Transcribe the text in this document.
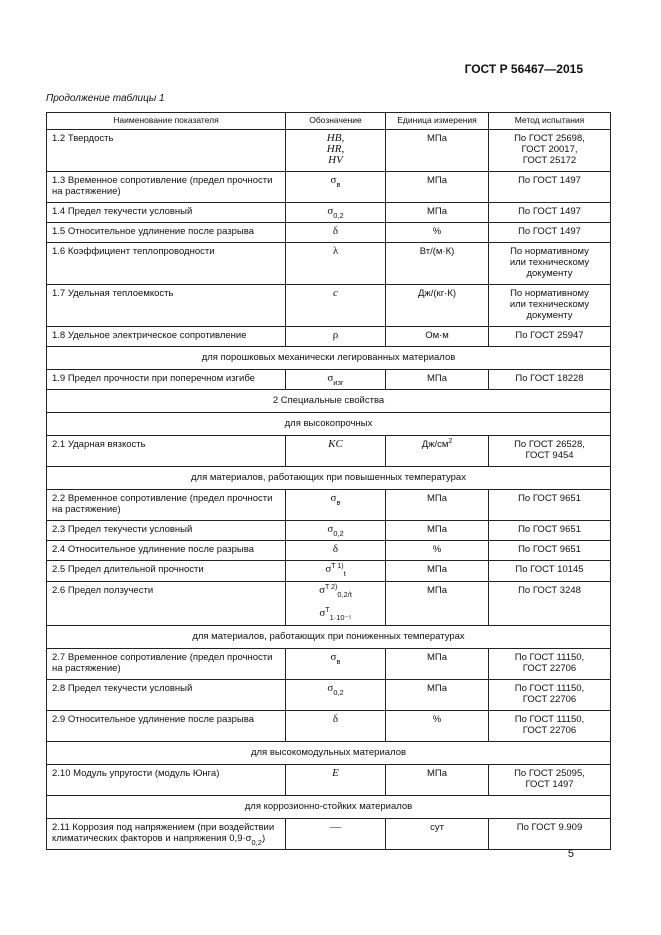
ГОСТ Р 56467—2015
Продолжение таблицы 1
Наименование показателя	Обозначение	Единица измерения	Метод испытания
1.2 Твердость	HB,
HR,
HV	МПа	По ГОСТ 25698,
ГОСТ 20017,
ГОСТ 25172
1.3 Временное сопротивление (предел прочности на растяжение)	$\sigma_в$	МПа	По ГОСТ 1497
1.4 Предел текучести условный	$\sigma_{0,2}$	МПа	По ГОСТ 1497
1.5 Относительное удлинение после разрыва	δ	%	По ГОСТ 1497
1.6 Коэффициент теплопроводности	λ	Вт/(м·К)	По нормативному
или техническому
документу
1.7 Удельная теплоемкость	c	Дж/(кг·К)	По нормативному
или техническому
документу
1.8 Удельное электрическое сопротивление	ρ	Ом·м	По ГОСТ 25947
для порошковых механически легированных материалов			
1.9 Предел прочности при поперечном изгибе	$\sigma_{изг}$	МПа	По ГОСТ 18228
2 Специальные свойства			
для высокопрочных			
2.1 Ударная вязкость	KC	$Дж/см^2$	По ГОСТ 26528,
ГОСТ 9454
для материалов, работающих при повышенных температурах			
2.2 Временное сопротивление (предел прочности на растяжение)	$\sigma_в$	МПа	По ГОСТ 9651
2.3 Предел текучести условный	$\sigma_{0,2}$	МПа	По ГОСТ 9651
2.4 Относительное удлинение после разрыва	δ	%	По ГОСТ 9651
2.5 Предел длительной прочности	$\sigma^{T 1)}_t$	МПа	По ГОСТ 10145
2.6 Предел ползучести	$\sigma^{T 2)}_{0,2/t}$

$\sigma^T_{1\cdot 10^{-5}}$	МПа	По ГОСТ 3248
для материалов, работающих при пониженных температурах			
2.7 Временное сопротивление (предел прочности на растяжение)	$\sigma_в$	МПа	По ГОСТ 11150,
ГОСТ 22706
2.8 Предел текучести условный	$\sigma_{0,2}$	МПа	По ГОСТ 11150,
ГОСТ 22706
2.9 Относительное удлинение после разрыва	δ	%	По ГОСТ 11150,
ГОСТ 22706
для высокомодульных материалов			
2.10 Модуль упругости (модуль Юнга)	E	МПа	По ГОСТ 25095,
ГОСТ 1497
для коррозионно-стойких материалов			
2.11 Коррозия под напряжением (при воздействии климатических факторов и напряжения $0,9\cdot\sigma_{0,2}$)	—	сут	По ГОСТ 9.909
5
